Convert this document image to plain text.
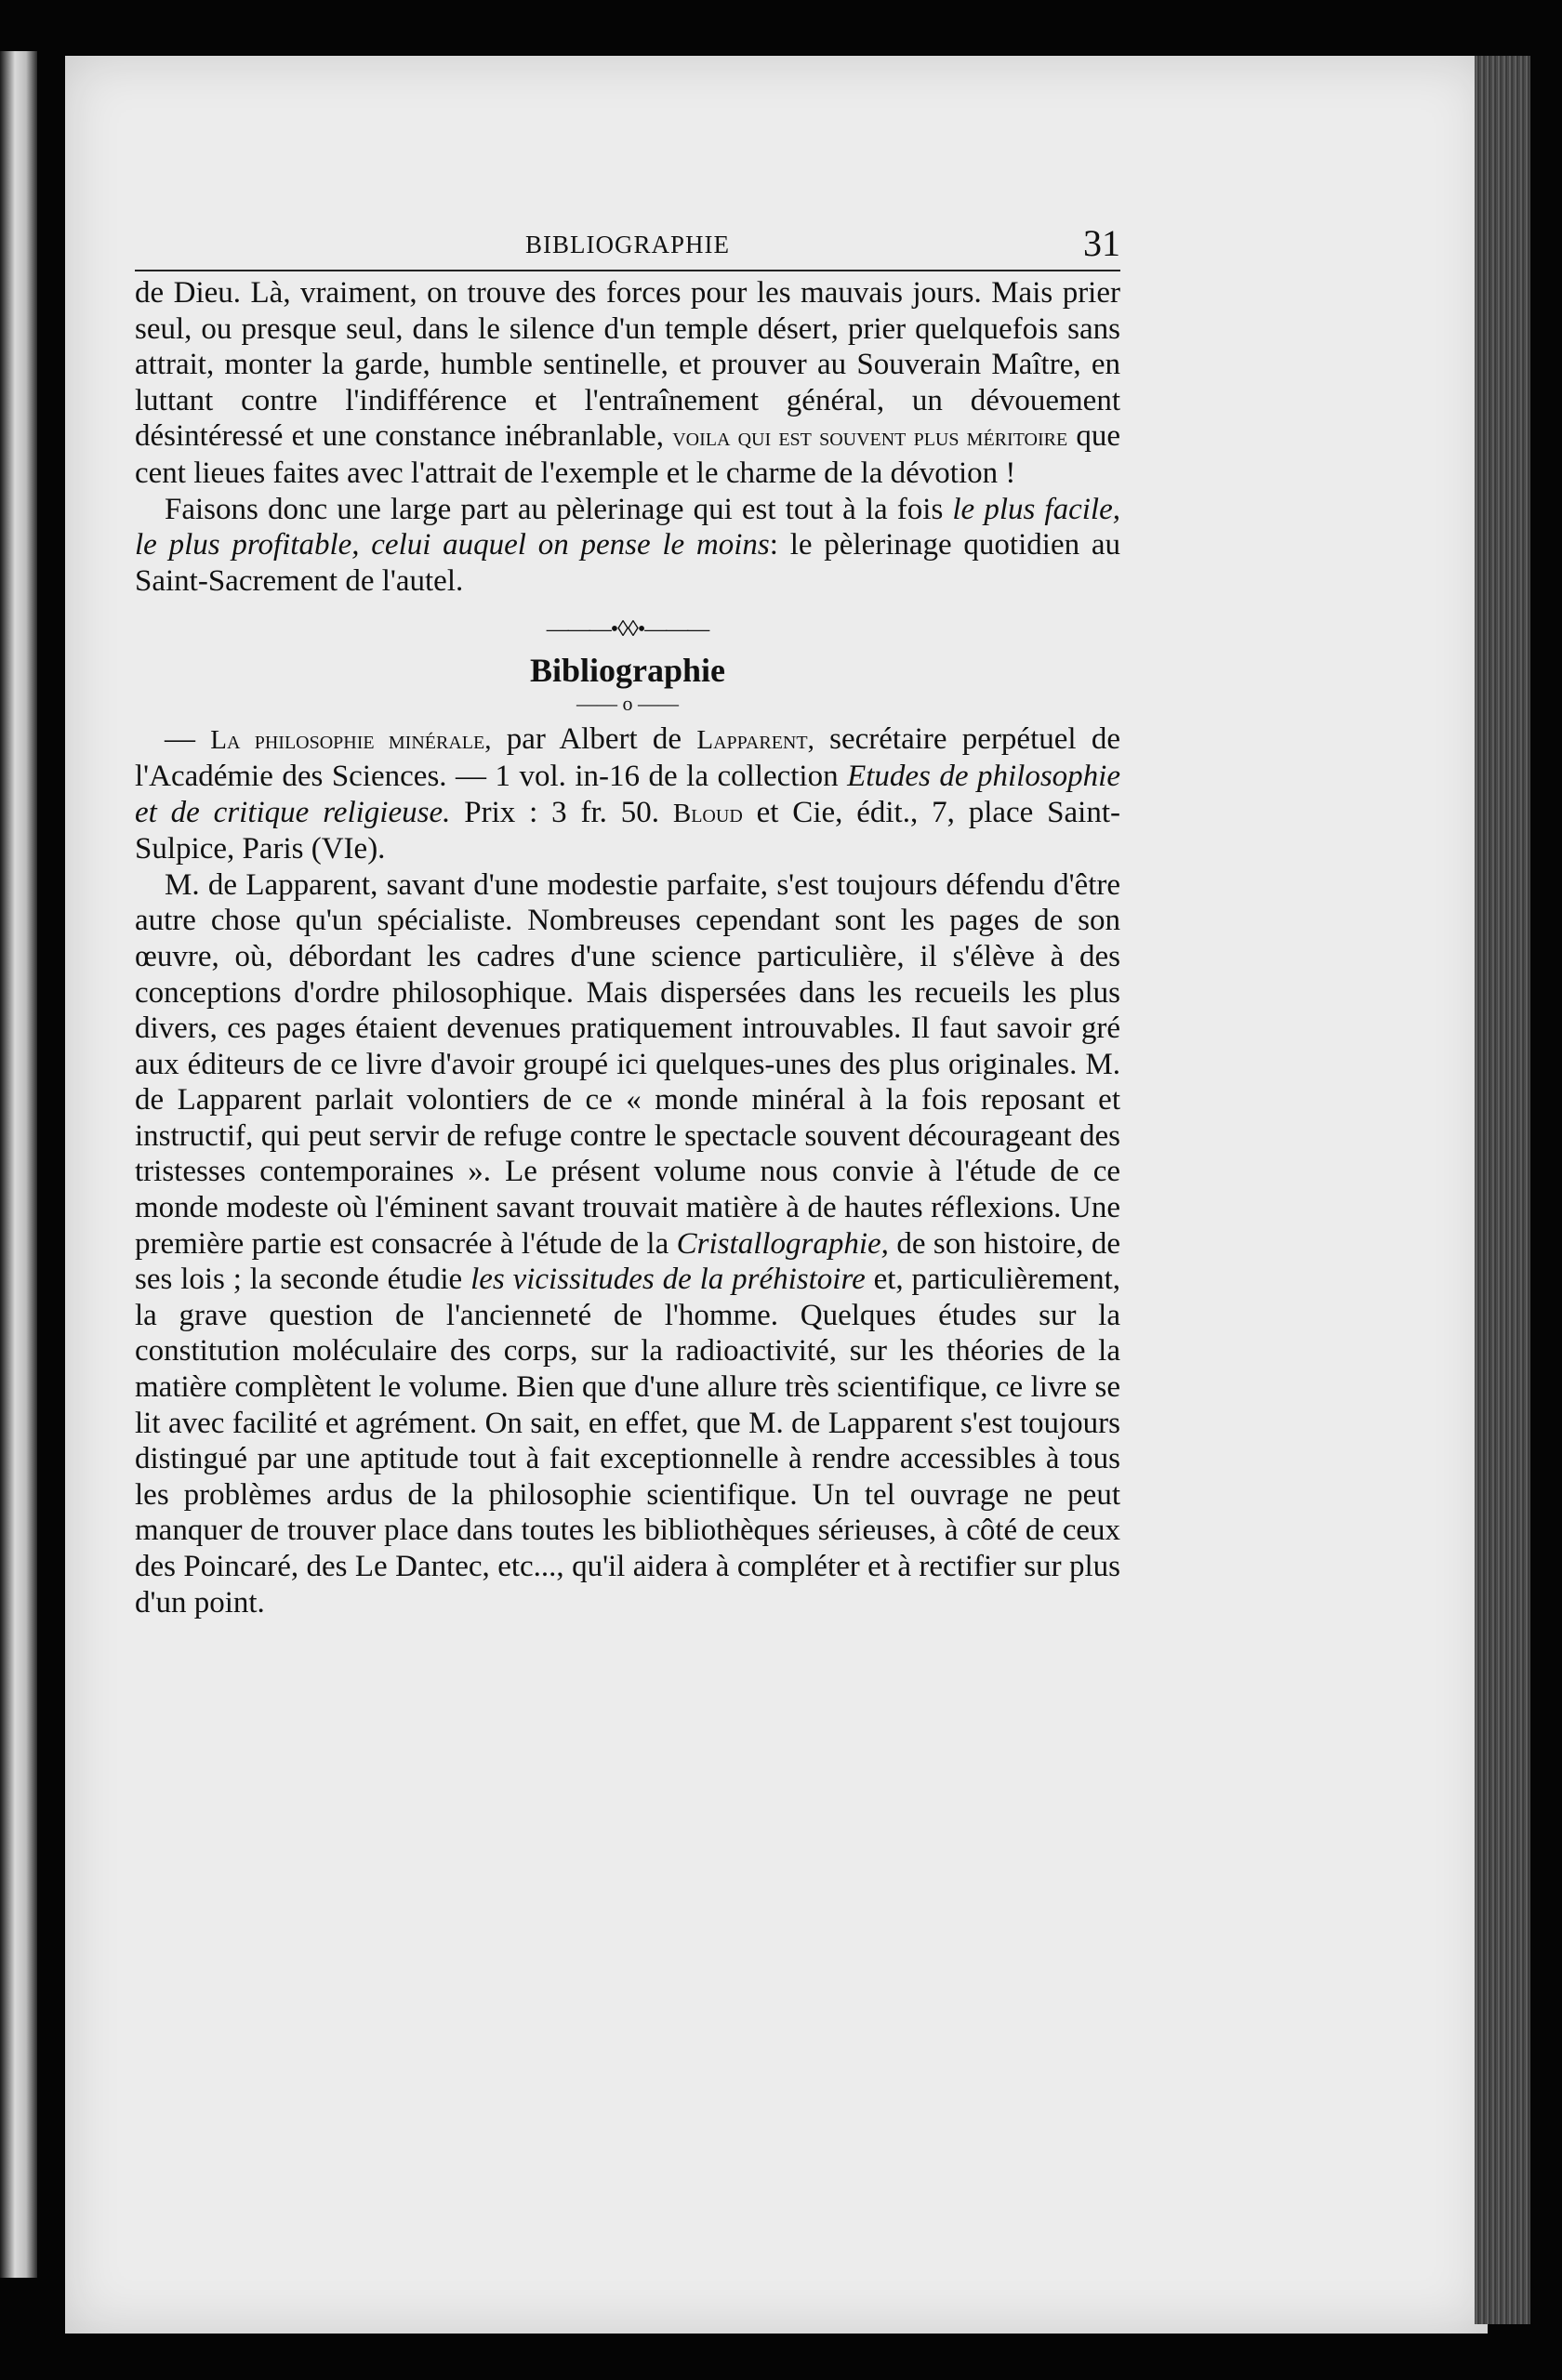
BIBLIOGRAPHIE	31

de Dieu. Là, vraiment, on trouve des forces pour les mauvais jours. Mais prier seul, ou presque seul, dans le silence d'un temple désert, prier quelquefois sans attrait, monter la garde, humble sentinelle, et prouver au Souverain Maître, en luttant contre l'indifférence et l'entraînement général, un dévouement désintéressé et une constance inébranlable, voila qui est souvent plus méritoire que cent lieues faites avec l'attrait de l'exemple et le charme de la dévotion !

Faisons donc une large part au pèlerinage qui est tout à la fois le plus facile, le plus profitable, celui auquel on pense le moins: le pèlerinage quotidien au Saint-Sacrement de l'autel.

———•◊◊•———
Bibliographie
—— o ——

— La philosophie minérale, par Albert de Lapparent, secrétaire perpétuel de l'Académie des Sciences. — 1 vol. in-16 de la collection Etudes de philosophie et de critique religieuse. Prix : 3 fr. 50. Bloud et Cie, édit., 7, place Saint-Sulpice, Paris (VIe).

M. de Lapparent, savant d'une modestie parfaite, s'est toujours défendu d'être autre chose qu'un spécialiste. Nombreuses cependant sont les pages de son œuvre, où, débordant les cadres d'une science particulière, il s'élève à des conceptions d'ordre philosophique. Mais dispersées dans les recueils les plus divers, ces pages étaient devenues pratiquement introuvables. Il faut savoir gré aux éditeurs de ce livre d'avoir groupé ici quelques-unes des plus originales. M. de Lapparent parlait volontiers de ce « monde minéral à la fois reposant et instructif, qui peut servir de refuge contre le spectacle souvent décourageant des tristesses contemporaines ». Le présent volume nous convie à l'étude de ce monde modeste où l'éminent savant trouvait matière à de hautes réflexions. Une première partie est consacrée à l'étude de la Cristallographie, de son histoire, de ses lois ; la seconde étudie les vicissitudes de la préhistoire et, particulièrement, la grave question de l'ancienneté de l'homme. Quelques études sur la constitution moléculaire des corps, sur la radioactivité, sur les théories de la matière complètent le volume. Bien que d'une allure très scientifique, ce livre se lit avec facilité et agrément. On sait, en effet, que M. de Lapparent s'est toujours distingué par une aptitude tout à fait exceptionnelle à rendre accessibles à tous les problèmes ardus de la philosophie scientifique. Un tel ouvrage ne peut manquer de trouver place dans toutes les bibliothèques sérieuses, à côté de ceux des Poincaré, des Le Dantec, etc..., qu'il aidera à compléter et à rectifier sur plus d'un point.
